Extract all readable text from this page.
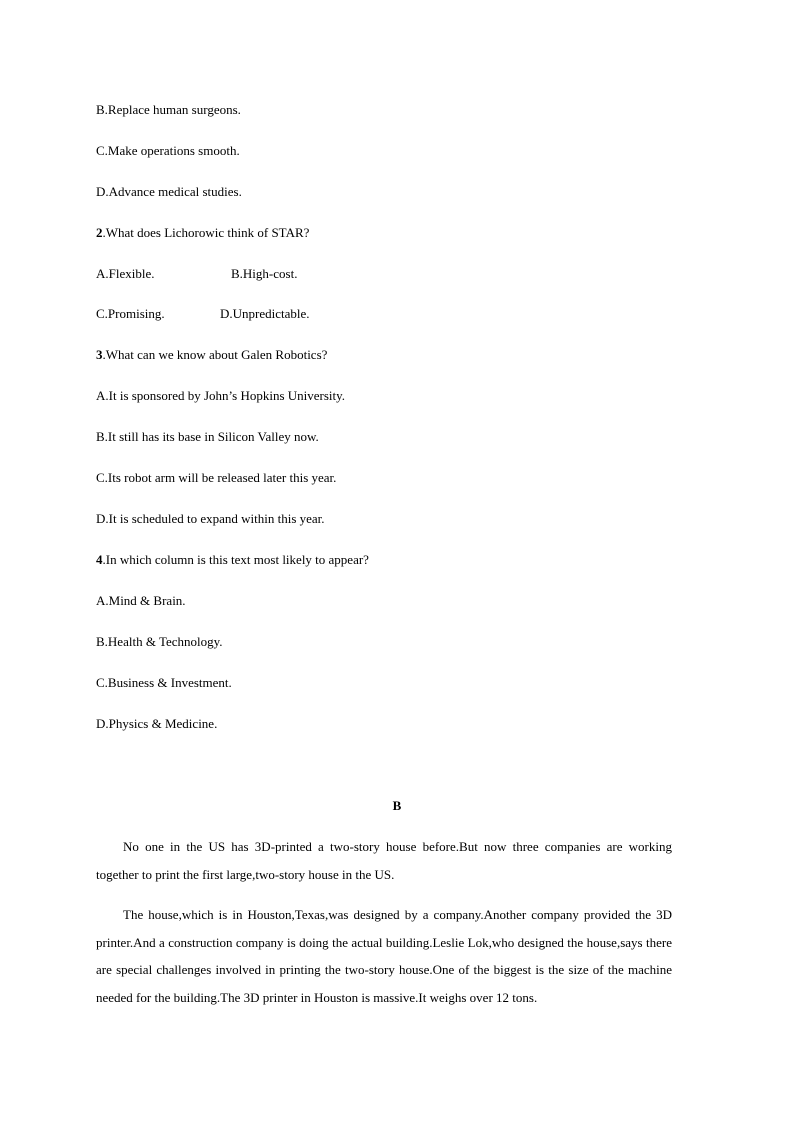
B.Replace human surgeons.
C.Make operations smooth.
D.Advance medical studies.
2.What does Lichorowic think of STAR?
A.Flexible.	B.High-cost.
C.Promising.	D.Unpredictable.
3.What can we know about Galen Robotics?
A.It is sponsored by John’s Hopkins University.
B.It still has its base in Silicon Valley now.
C.Its robot arm will be released later this year.
D.It is scheduled to expand within this year.
4.In which column is this text most likely to appear?
A.Mind & Brain.
B.Health & Technology.
C.Business & Investment.
D.Physics & Medicine.
B
No one in the US has 3D-printed a two-story house before.But now three companies are working together to print the first large,two-story house in the US.
The house,which is in Houston,Texas,was designed by a company.Another company provided the 3D printer.And a construction company is doing the actual building.Leslie Lok,who designed the house,says there are special challenges involved in printing the two-story house.One of the biggest is the size of the machine needed for the building.The 3D printer in Houston is massive.It weighs over 12 tons.
